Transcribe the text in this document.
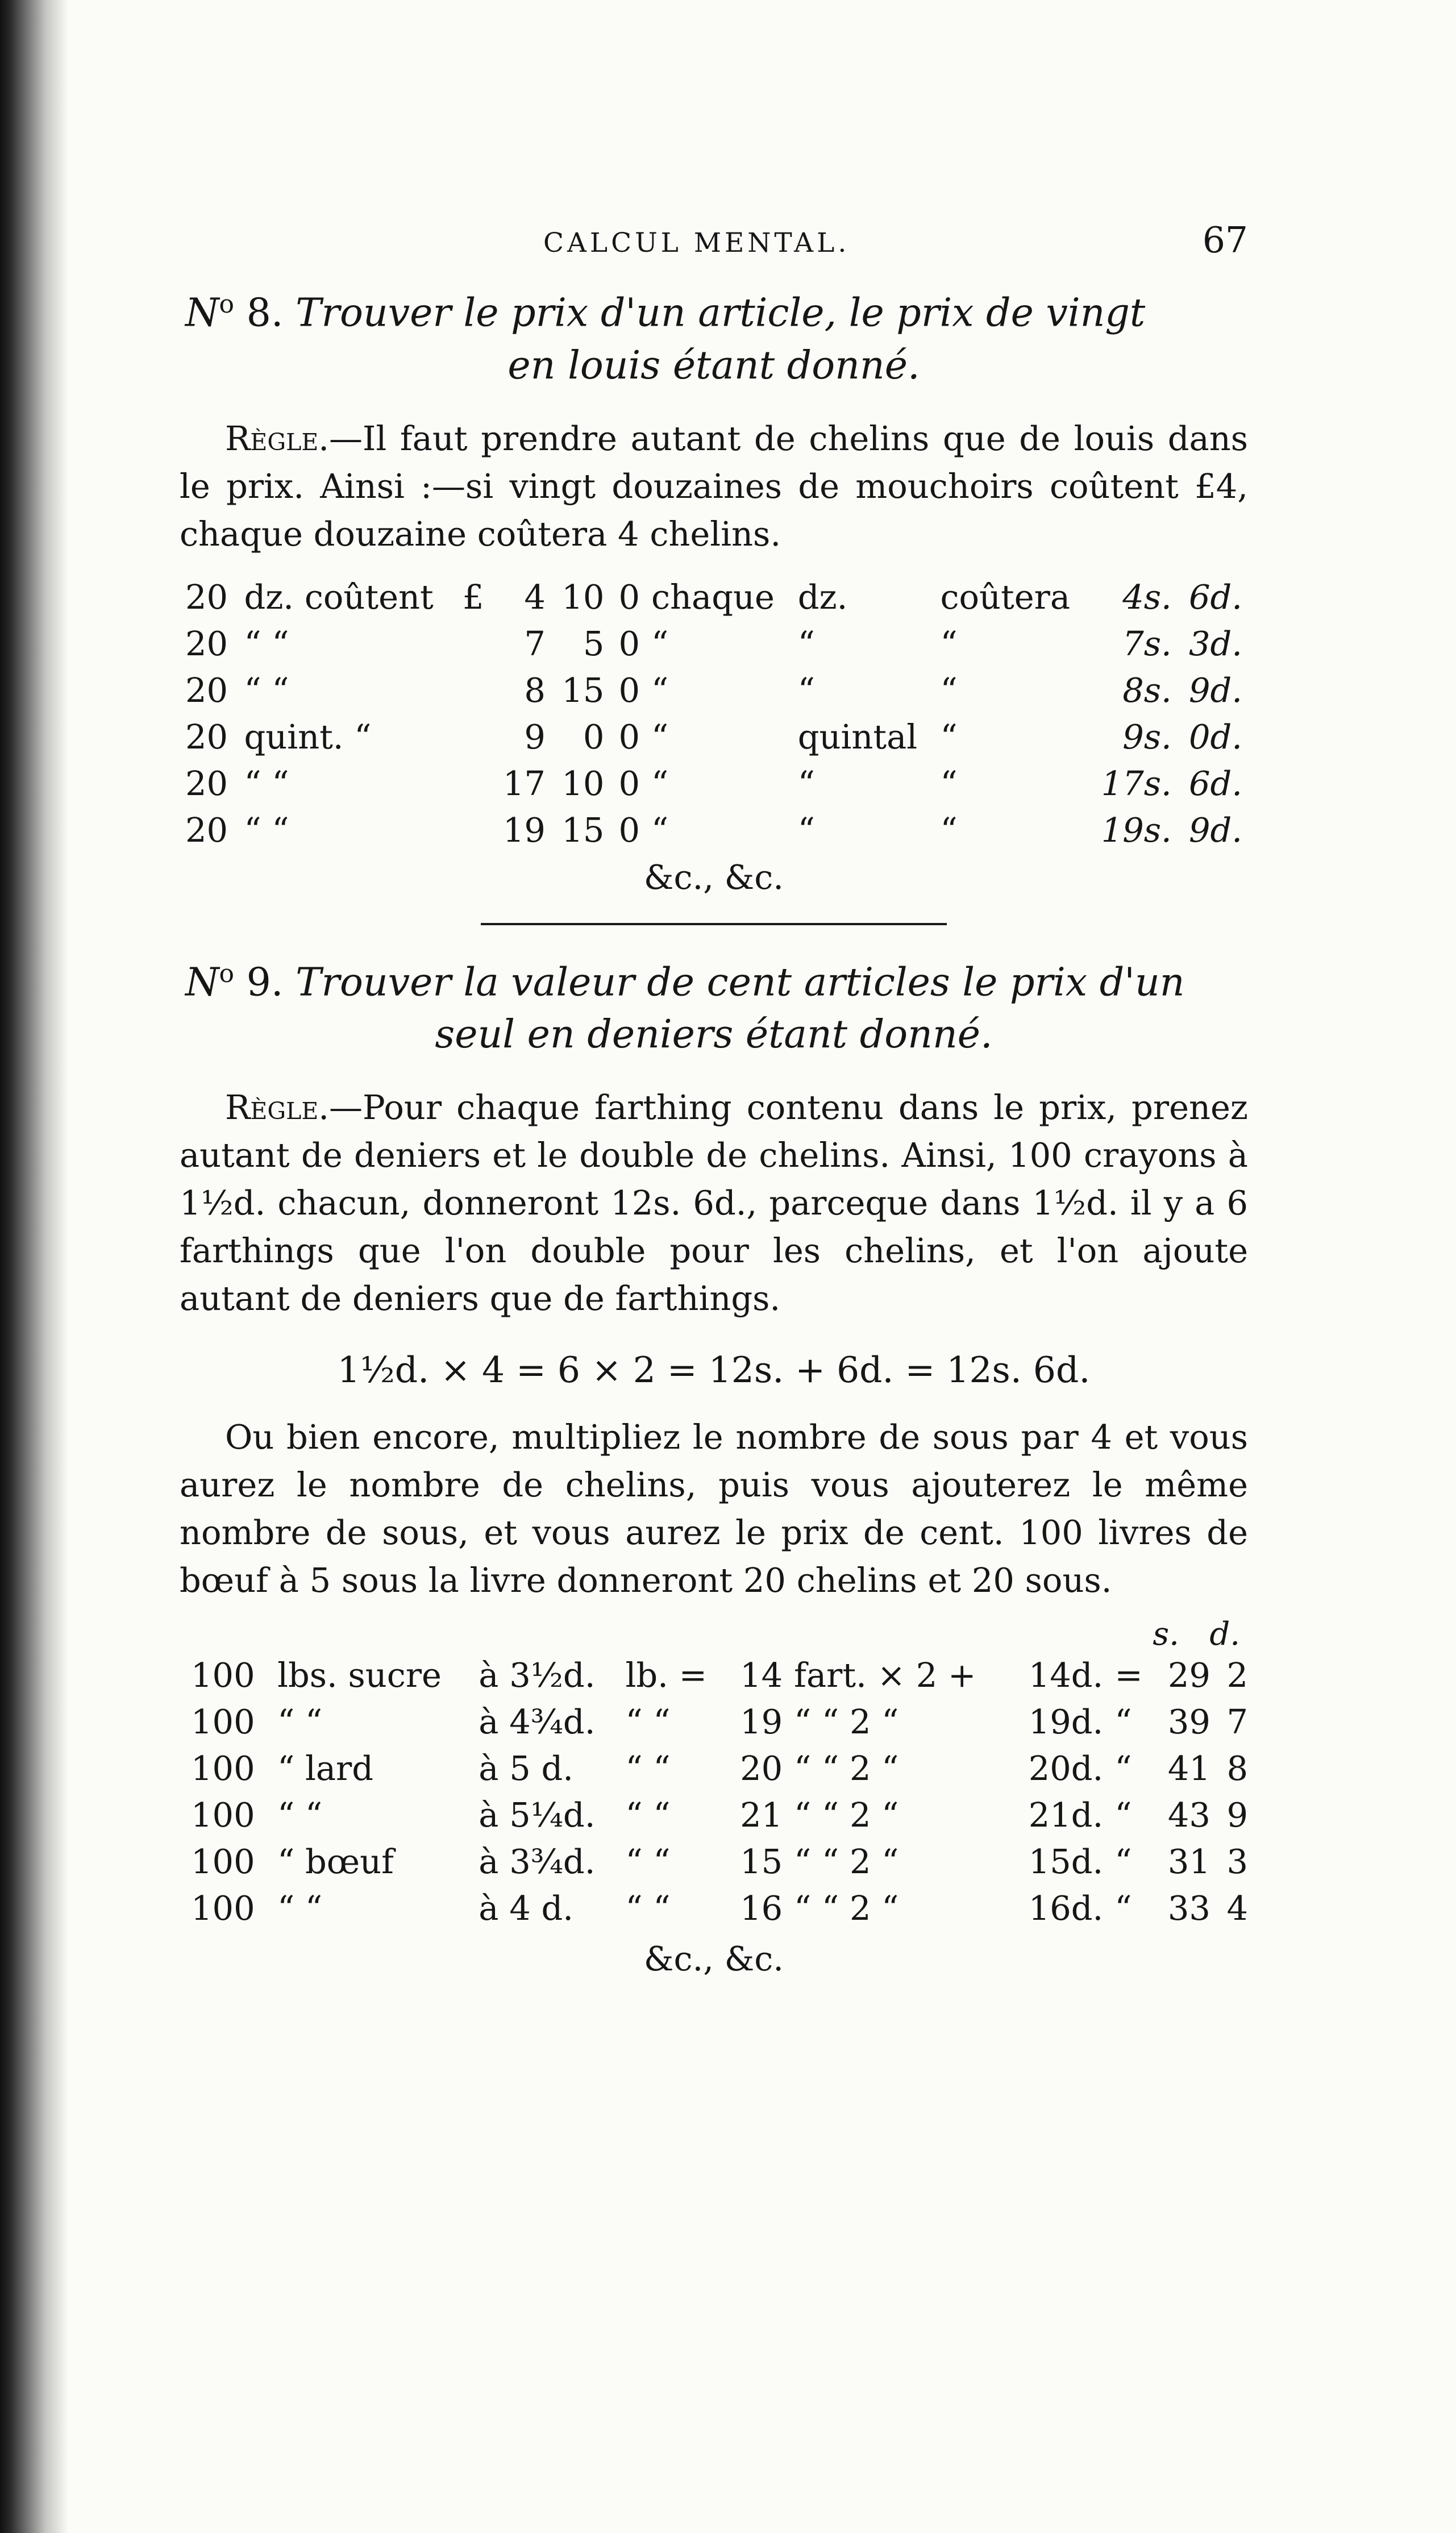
CALCUL MENTAL.	67

$N^o$ 8. Trouver le prix d'un article, le prix de vingt

en louis étant donné.

Règle.—Il faut prendre autant de chelins que de louis dans le prix. Ainsi :—si vingt douzaines de mouchoirs coûtent £4, chaque douzaine coûtera 4 chelins.

20	dz. coûtent	£	4	10	0	chaque	dz.	coûtera	4s.	6d.
20	“ “		7	5	0	“	“	“	7s.	3d.
20	“ “		8	15	0	“	“	“	8s.	9d.
20	quint. “		9	0	0	“	quintal	“	9s.	0d.
20	“ “		17	10	0	“	“	“	17s.	6d.
20	“ “		19	15	0	“	“	“	19s.	9d.

&c., &c.

$N^o$ 9. Trouver la valeur de cent articles le prix d'un

seul en deniers étant donné.

Règle.—Pour chaque farthing contenu dans le prix, prenez autant de deniers et le double de chelins. Ainsi, 100 crayons à 1½d. chacun, donneront 12s. 6d., parceque dans 1½d. il y a 6 farthings que l'on double pour les chelins, et l'on ajoute autant de deniers que de farthings.

1½d. × 4 = 6 × 2 = 12s. + 6d. = 12s. 6d.

Ou bien encore, multipliez le nombre de sous par 4 et vous aurez le nombre de chelins, puis vous ajouterez le même nombre de sous, et vous aurez le prix de cent. 100 livres de bœuf à 5 sous la livre donneront 20 chelins et 20 sous.

s. d.

100	lbs. sucre	à 3½d.	lb. =	14	fart. × 2 +	14d.	=	29	2
100	“ “	à 4¾d.	“ “	19	“ “ 2 “	19d.	“	39	7
100	“ lard	à 5 d.	“ “	20	“ “ 2 “	20d.	“	41	8
100	“ “	à 5¼d.	“ “	21	“ “ 2 “	21d.	“	43	9
100	“ bœuf	à 3¾d.	“ “	15	“ “ 2 “	15d.	“	31	3
100	“ “	à 4 d.	“ “	16	“ “ 2 “	16d.	“	33	4

&c., &c.
